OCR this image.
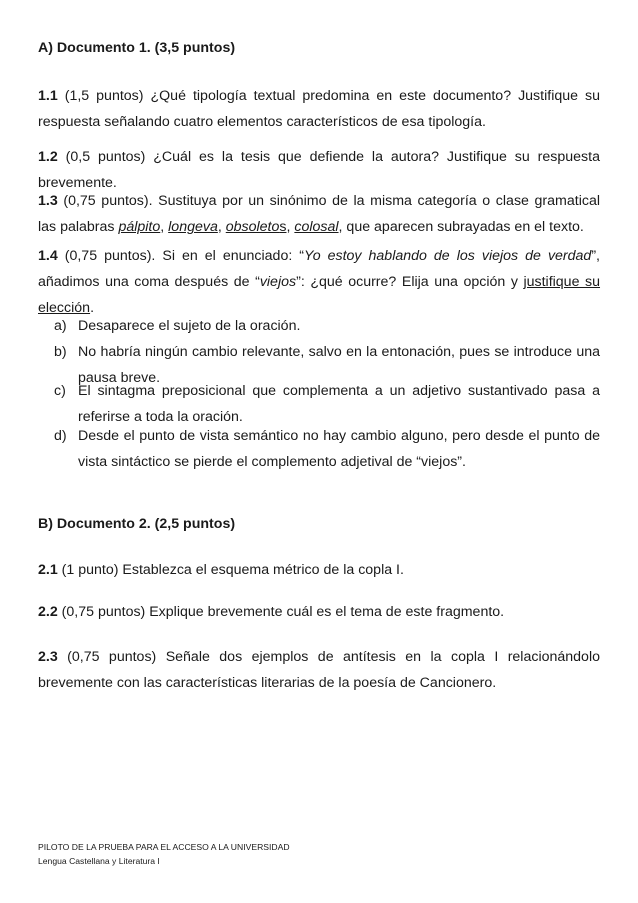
A) Documento 1. (3,5 puntos)
1.1 (1,5 puntos) ¿Qué tipología textual predomina en este documento? Justifique su respuesta señalando cuatro elementos característicos de esa tipología.
1.2 (0,5 puntos) ¿Cuál es la tesis que defiende la autora? Justifique su respuesta brevemente.
1.3 (0,75 puntos). Sustituya por un sinónimo de la misma categoría o clase gramatical las palabras pálpito, longeva, obsoletos, colosal, que aparecen subrayadas en el texto.
1.4 (0,75 puntos). Si en el enunciado: “Yo estoy hablando de los viejos de verdad”, añadimos una coma después de “viejos”: ¿qué ocurre? Elija una opción y justifique su elección.
a) Desaparece el sujeto de la oración.
b) No habría ningún cambio relevante, salvo en la entonación, pues se introduce una pausa breve.
c) El sintagma preposicional que complementa a un adjetivo sustantivado pasa a referirse a toda la oración.
d) Desde el punto de vista semántico no hay cambio alguno, pero desde el punto de vista sintáctico se pierde el complemento adjetival de “viejos”.
B) Documento 2. (2,5 puntos)
2.1 (1 punto) Establezca el esquema métrico de la copla I.
2.2 (0,75 puntos) Explique brevemente cuál es el tema de este fragmento.
2.3 (0,75 puntos) Señale dos ejemplos de antítesis en la copla I relacionándolo brevemente con las características literarias de la poesía de Cancionero.
PILOTO DE LA PRUEBA PARA EL ACCESO A LA UNIVERSIDAD
Lengua Castellana y Literatura I
